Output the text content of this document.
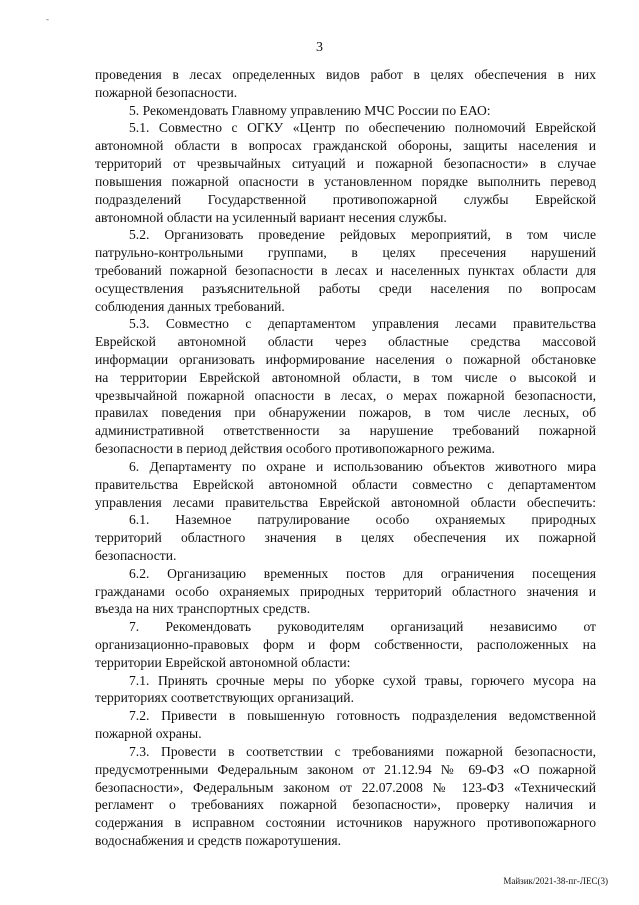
-
3
проведения в лесах определенных видов работ в целях обеспечения в них
пожарной безопасности.
5. Рекомендовать Главному управлению МЧС России по ЕАО:
5.1. Совместно с ОГКУ «Центр по обеспечению полномочий Еврейской
автономной области в вопросах гражданской обороны, защиты населения и
территорий от чрезвычайных ситуаций и пожарной безопасности» в случае
повышения пожарной опасности в установленном порядке выполнить перевод
подразделений Государственной противопожарной службы Еврейской
автономной области на усиленный вариант несения службы.
5.2. Организовать проведение рейдовых мероприятий, в том числе
патрульно-контрольными группами, в целях пресечения нарушений
требований пожарной безопасности в лесах и населенных пунктах области для
осуществления разъяснительной работы среди населения по вопросам
соблюдения данных требований.
5.3. Совместно с департаментом управления лесами правительства
Еврейской автономной области через областные средства массовой
информации организовать информирование населения о пожарной обстановке
на территории Еврейской автономной области, в том числе о высокой и
чрезвычайной пожарной опасности в лесах, о мерах пожарной безопасности,
правилах поведения при обнаружении пожаров, в том числе лесных, об
административной ответственности за нарушение требований пожарной
безопасности в период действия особого противопожарного режима.
6. Департаменту по охране и использованию объектов животного мира
правительства Еврейской автономной области совместно с департаментом
управления лесами правительства Еврейской автономной области обеспечить:
6.1. Наземное патрулирование особо охраняемых природных
территорий областного значения в целях обеспечения их пожарной
безопасности.
6.2. Организацию временных постов для ограничения посещения
гражданами особо охраняемых природных территорий областного значения и
въезда на них транспортных средств.
7. Рекомендовать руководителям организаций независимо от
организационно-правовых форм и форм собственности, расположенных на
территории Еврейской автономной области:
7.1. Принять срочные меры по уборке сухой травы, горючего мусора на
территориях соответствующих организаций.
7.2. Привести в повышенную готовность подразделения ведомственной
пожарной охраны.
7.3. Провести в соответствии с требованиями пожарной безопасности,
предусмотренными Федеральным законом от 21.12.94 № 69-ФЗ «О пожарной
безопасности», Федеральным законом от 22.07.2008 № 123-ФЗ «Технический
регламент о требованиях пожарной безопасности», проверку наличия и
содержания в исправном состоянии источников наружного противопожарного
водоснабжения и средств пожаротушения.
Майзик/2021-38-пг-ЛЕС(3)
